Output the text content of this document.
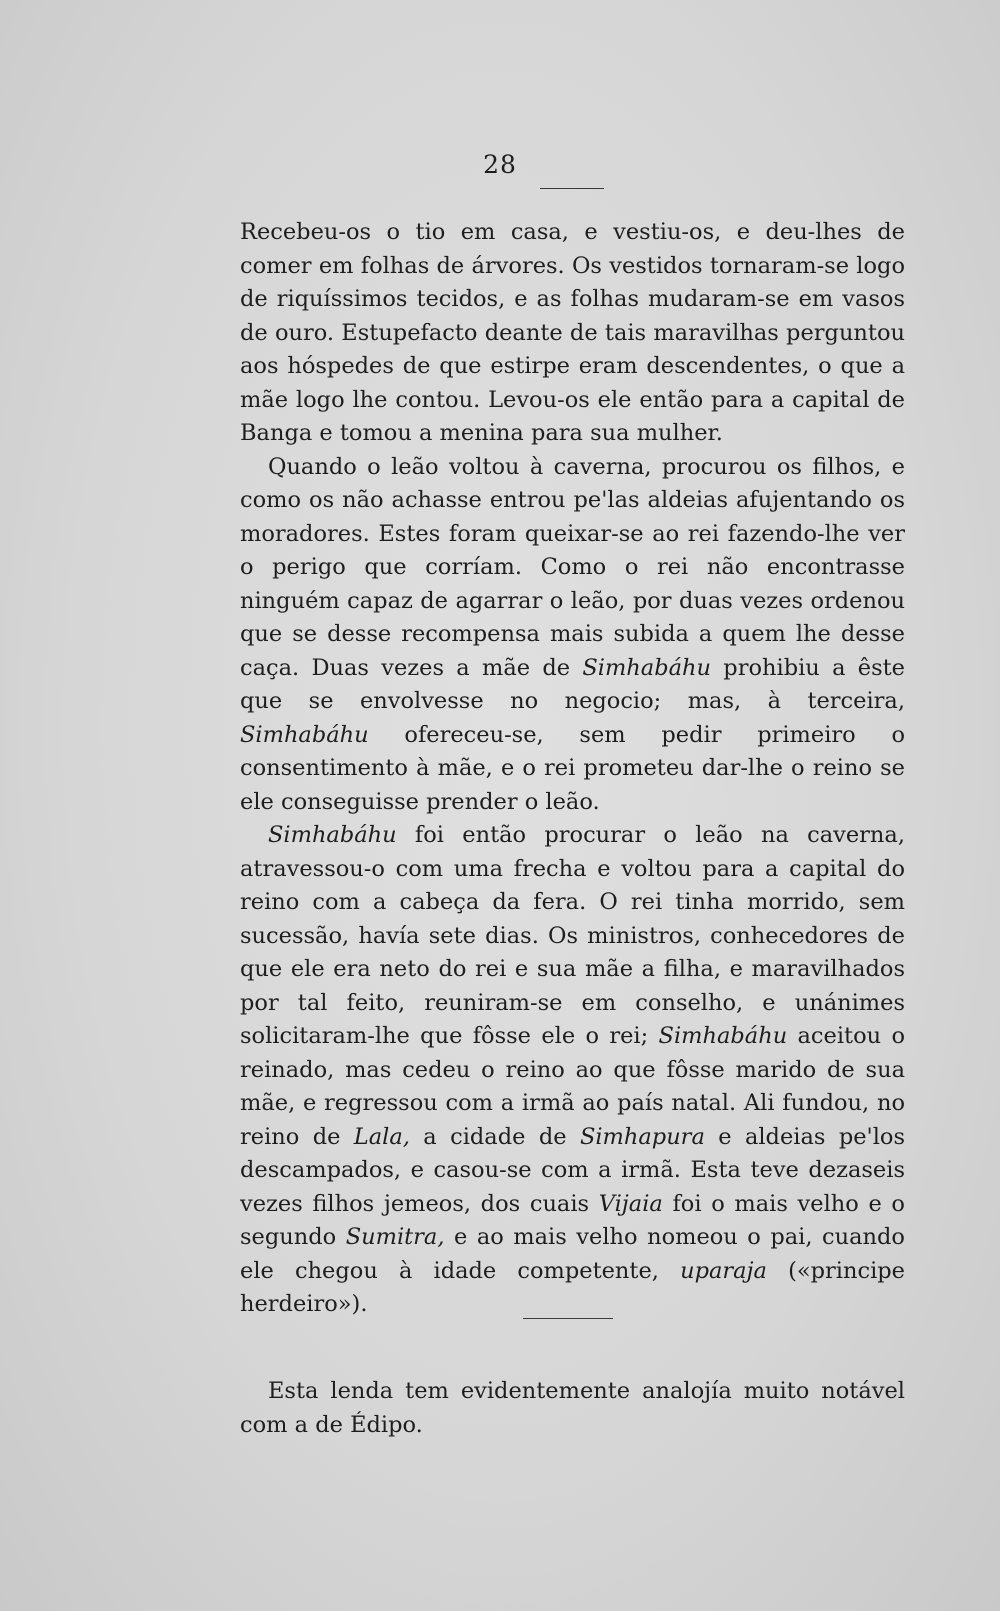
28

Recebeu-os o tio em casa, e vestiu-os, e deu-lhes de comer em folhas de árvores. Os vestidos tornaram-se logo de riquíssimos tecidos, e as folhas mudaram-se em vasos de ouro. Estupefacto deante de tais maravilhas perguntou aos hóspedes de que estirpe eram descendentes, o que a mãe logo lhe contou. Levou-os ele então para a capital de Banga e tomou a menina para sua mulher.

Quando o leão voltou à caverna, procurou os filhos, e como os não achasse entrou pe'las aldeias afujentando os moradores. Estes foram queixar-se ao rei fazendo-lhe ver o perigo que corríam. Como o rei não encontrasse ninguém capaz de agarrar o leão, por duas vezes ordenou que se desse recompensa mais subida a quem lhe desse caça. Duas vezes a mãe de Simhabáhu prohibiu a êste que se envolvesse no negocio; mas, à terceira, Simhabáhu ofereceu-se, sem pedir primeiro o consentimento à mãe, e o rei prometeu dar-lhe o reino se ele conseguisse prender o leão.

Simhabáhu foi então procurar o leão na caverna, atravessou-o com uma frecha e voltou para a capital do reino com a cabeça da fera. O rei tinha morrido, sem sucessão, havía sete dias. Os ministros, conhecedores de que ele era neto do rei e sua mãe a filha, e maravilhados por tal feito, reuniram-se em conselho, e unánimes solicitaram-lhe que fôsse ele o rei; Simhabáhu aceitou o reinado, mas cedeu o reino ao que fôsse marido de sua mãe, e regressou com a irmã ao país natal. Ali fundou, no reino de Lala, a cidade de Simhapura e aldeias pe'los descampados, e casou-se com a irmã. Esta teve dezaseis vezes filhos jemeos, dos cuais Vijaia foi o mais velho e o segundo Sumitra, e ao mais velho nomeou o pai, cuando ele chegou à idade competente, uparaja («principe herdeiro»).

Esta lenda tem evidentemente analojía muito notável com a de Édipo.
